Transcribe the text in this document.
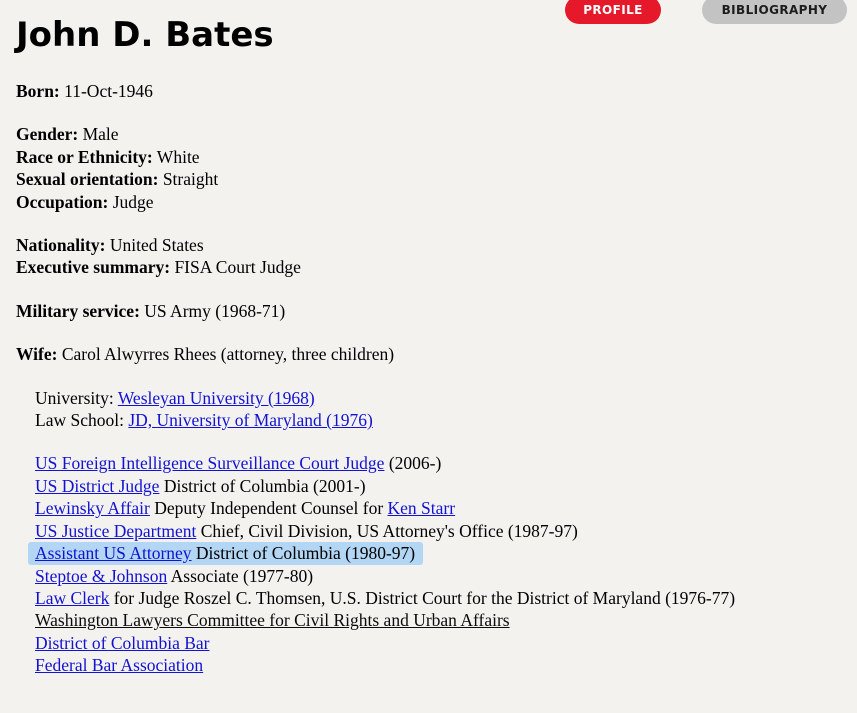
PROFILE	BIBLIOGRAPHY
John D. Bates

Born: 11-Oct-1946

Gender: Male
Race or Ethnicity: White
Sexual orientation: Straight
Occupation: Judge

Nationality: United States
Executive summary: FISA Court Judge

Military service: US Army (1968-71)

Wife: Carol Alwyrres Rhees (attorney, three children)

University: Wesleyan University (1968)
Law School: JD, University of Maryland (1976)

US Foreign Intelligence Surveillance Court Judge (2006-)
US District Judge District of Columbia (2001-)
Lewinsky Affair Deputy Independent Counsel for Ken Starr
US Justice Department Chief, Civil Division, US Attorney's Office (1987-97)
Assistant US Attorney District of Columbia (1980-97)
Steptoe & Johnson Associate (1977-80)
Law Clerk for Judge Roszel C. Thomsen, U.S. District Court for the District of Maryland (1976-77)
Washington Lawyers Committee for Civil Rights and Urban Affairs
District of Columbia Bar
Federal Bar Association
